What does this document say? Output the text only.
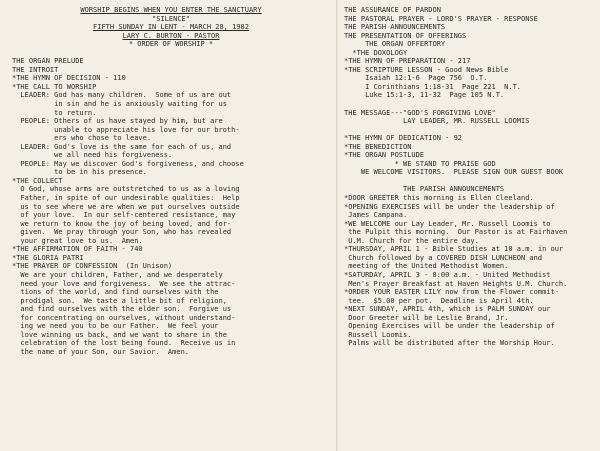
WORSHIP BEGINS WHEN YOU ENTER THE SANCTUARY
"SILENCE"
FIFTH SUNDAY IN LENT - MARCH 28, 1982
LARY C. BURTON - PASTOR
* ORDER OF WORSHIP *

THE ORGAN PRELUDE
THE INTROIT
*THE HYMN OF DECISION - 110
*THE CALL TO WORSHIP
LEADER: God has many children.  Some of us are out
in sin and he is anxiously waiting for us
to return.
PEOPLE: Others of us have stayed by him, but are
unable to appreciate his love for our broth-
ers who chose to leave.
LEADER: God's love is the same for each of us, and
we all need his forgiveness.
PEOPLE: May we discover God's forgiveness, and choose
to be in his presence.
*THE COLLECT
O God, whose arms are outstretched to us as a loving
Father, in spite of our undesirable qualities:  Help
us to see where we are when we put ourselves outside
of your love.  In our self-centered resistance, may
we return to know the joy of being loved, and for-
given.  We pray through your Son, who has revealed
your great love to us.  Amen.
*THE AFFIRMATION OF FAITH - 740
*THE GLORIA PATRI
*THE PRAYER OF CONFESSION  (In Unison)
We are your children, Father, and we desperately
need your love and forgiveness.  We see the attrac-
tions of the world, and find ourselves with the
prodigal son.  We taste a little bit of religion,
and find ourselves with the elder son.  Forgive us
for concentrating on ourselves, without understand-
ing we need you to be our Father.  We feel your
love winning us back, and we want to share in the
celebration of the lost being found.  Receive us in
the name of your Son, our Savior.  Amen.
THE ASSURANCE OF PARDON
THE PASTORAL PRAYER - LORD'S PRAYER - RESPONSE
THE PARISH ANNOUNCEMENTS
THE PRESENTATION OF OFFERINGS
THE ORGAN OFFERTORY
*THE DOXOLOGY
*THE HYMN OF PREPARATION - 217
*THE SCRIPTURE LESSON - Good News Bible
Isaiah 12:1-6  Page 756  O.T.
I Corinthians 1:18-31  Page 221  N.T.
Luke 15:1-3, 11-32  Page 105 N.T.

THE MESSAGE---"GOD'S FORGIVING LOVE"
LAY LEADER, MR. RUSSELL LOOMIS

*THE HYMN OF DEDICATION - 92
*THE BENEDICTION
*THE ORGAN POSTLUDE
* WE STAND TO PRAISE GOD
WE WELCOME VISITORS.  PLEASE SIGN OUR GUEST BOOK

THE PARISH ANNOUNCEMENTS
*DOOR GREETER this morning is Ellen Cleeland.
*OPENING EXERCISES will be under the leadership of
James Campana.
*WE WELCOME our Lay Leader, Mr. Russell Loomis to
the Pulpit this morning.  Our Pastor is at Fairhaven
U.M. Church for the entire day.
*THURSDAY, APRIL 1 - Bible Studies at 10 a.m. in our
Church followed by a COVERED DISH LUNCHEON and
meeting of the United Methodist Women.
*SATURDAY, APRIL 3 - 8:00 a.m. - United Methodist
Men's Prayer Breakfast at Haven Heights U.M. Church.
*ORDER YOUR EASTER LILY now from the Flower commit-
tee.  $5.00 per pot.  Deadline is April 4th.
*NEXT SUNDAY, APRIL 4th, which is PALM SUNDAY our
Door Greeter will be Leslie Brand, Jr.
Opening Exercises will be under the leadership of
Russell Loomis.
Palms will be distributed after the Worship Hour.
